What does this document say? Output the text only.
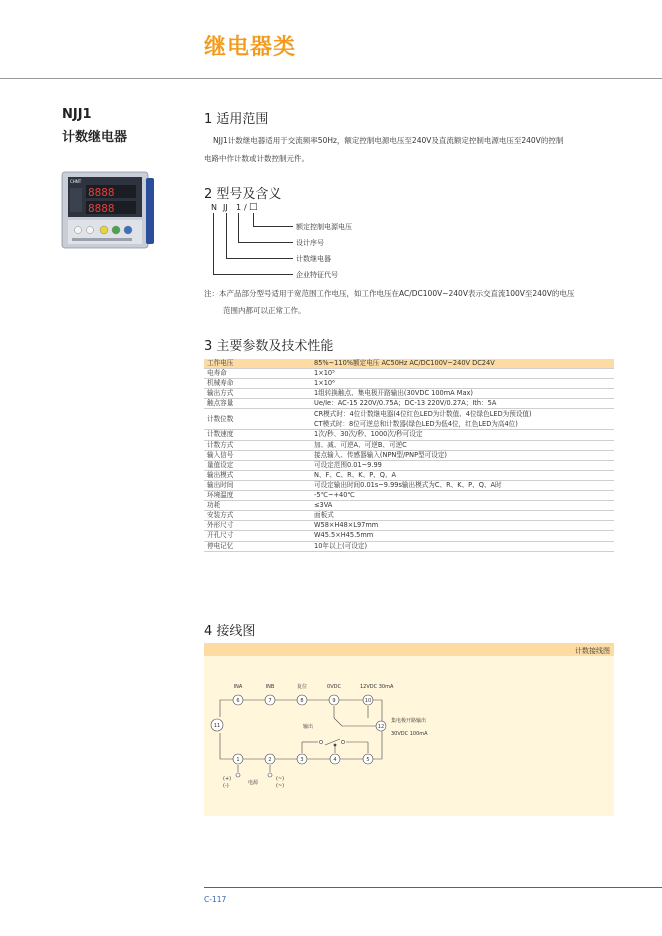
继电器类
NJJ1
计数继电器
CHNT
8888
8888
1 适用范围
NJJ1计数继电器适用于交流频率50Hz，额定控制电源电压至240V及直流额定控制电源电压至240V的控制
电路中作计数或计数控制元件。
2 型号及含义
N JJ 1 / □
额定控制电源电压
设计序号
计数继电器
企业特征代号
注：本产品部分型号适用于宽范围工作电压，如工作电压在AC/DC100V~240V表示交直流100V至240V的电压
范围内都可以正常工作。
3 主要参数及技术性能
工作电压	85%~110%额定电压 AC50Hz AC/DC100V~240V DC24V
电寿命	1×10⁵
机械寿命	1×10⁶
输出方式	1组转换触点、集电极开路输出(30VDC 100mA Max)
触点容量	Ue/Ie：AC-15 220V/0.75A；DC-13 220V/0.27A；Ith：5A
计数位数	CR模式时：4位计数继电器(4位红色LED为计数值、4位绿色LED为预设值)
CT模式时：8位可逆总和计数器(绿色LED为低4位，红色LED为高4位)

计数速度	1次/秒、30次/秒、1000次/秒可设定
计数方式	加、减、可逆A、可逆B、可逆C
输入信号	接点输入、传感器输入(NPN型/PNP型可设定)
量值设定	可设定范围0.01~9.99
输出模式	N、F、C、R、K、P、Q、A
输出时间	可设定输出时间0.01s~9.99s输出模式为C、R、K、P、Q、A时
环境温度	-5℃~+40℃
功耗	≤3VA
安装方式	面板式
外形尺寸	W58×H48×L97mm
开孔尺寸	W45.5×H45.5mm
停电记忆	10年以上(可设定)
4 接线图
计数接线图
6	7	8	9	10
1	2	3	4	5
11	12
INA	INB	复位	0VDC	12VDC 30mA
输出
集电极开路输出
30VDC 100mA
电源
(+)
(-)
(~)
(~)
C-117
